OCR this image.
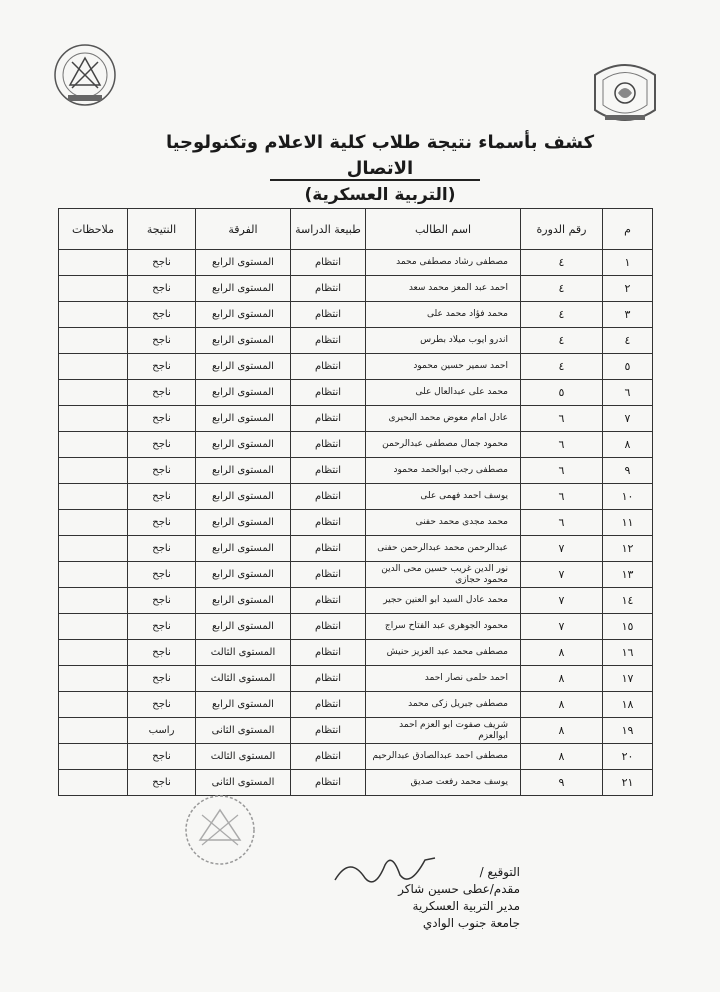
كشف بأسماء نتيجة طلاب كلية الاعلام وتكنولوجيا الاتصال
(التربية العسكرية)
م	رقم الدورة	اسم الطالب	طبيعة الدراسة	الفرقة	النتيجة	ملاحظات
١	٤	مصطفى رشاد مصطفى محمد	انتظام	المستوى الرابع	ناجح	
٢	٤	احمد عبد المعز محمد سعد	انتظام	المستوى الرابع	ناجح	
٣	٤	محمد فؤاد محمد على	انتظام	المستوى الرابع	ناجح	
٤	٤	اندرو ايوب ميلاد بطرس	انتظام	المستوى الرابع	ناجح	
٥	٤	احمد سمير حسين محمود	انتظام	المستوى الرابع	ناجح	
٦	٥	محمد على عبدالعال على	انتظام	المستوى الرابع	ناجح	
٧	٦	عادل امام معوض محمد البحيرى	انتظام	المستوى الرابع	ناجح	
٨	٦	محمود جمال مصطفى عبدالرحمن	انتظام	المستوى الرابع	ناجح	
٩	٦	مصطفى رجب ابوالحمد محمود	انتظام	المستوى الرابع	ناجح	
١٠	٦	يوسف احمد فهمى على	انتظام	المستوى الرابع	ناجح	
١١	٦	محمد مجدى محمد حفنى	انتظام	المستوى الرابع	ناجح	
١٢	٧	عبدالرحمن محمد عبدالرحمن حفنى	انتظام	المستوى الرابع	ناجح	
١٣	٧	نور الدين غريب حسين محى الدين محمود حجازى	انتظام	المستوى الرابع	ناجح	
١٤	٧	محمد عادل السيد ابو العنين حجير	انتظام	المستوى الرابع	ناجح	
١٥	٧	محمود الجوهرى عبد الفتاح سراج	انتظام	المستوى الرابع	ناجح	
١٦	٨	مصطفى محمد عبد العزيز حنيش	انتظام	المستوى الثالث	ناجح	
١٧	٨	احمد حلمى نصار احمد	انتظام	المستوى الثالث	ناجح	
١٨	٨	مصطفى جبريل زكى محمد	انتظام	المستوى الرابع	ناجح	
١٩	٨	شريف صفوت ابو العزم احمد ابوالعزم	انتظام	المستوى الثانى	راسب	
٢٠	٨	مصطفى احمد عبدالصادق عبدالرحيم	انتظام	المستوى الثالث	ناجح	
٢١	٩	يوسف محمد رفعت صديق	انتظام	المستوى الثانى	ناجح	
التوقيع /
مقدم/عطى حسين شاكر
مدير التربية العسكرية
جامعة جنوب الوادي
